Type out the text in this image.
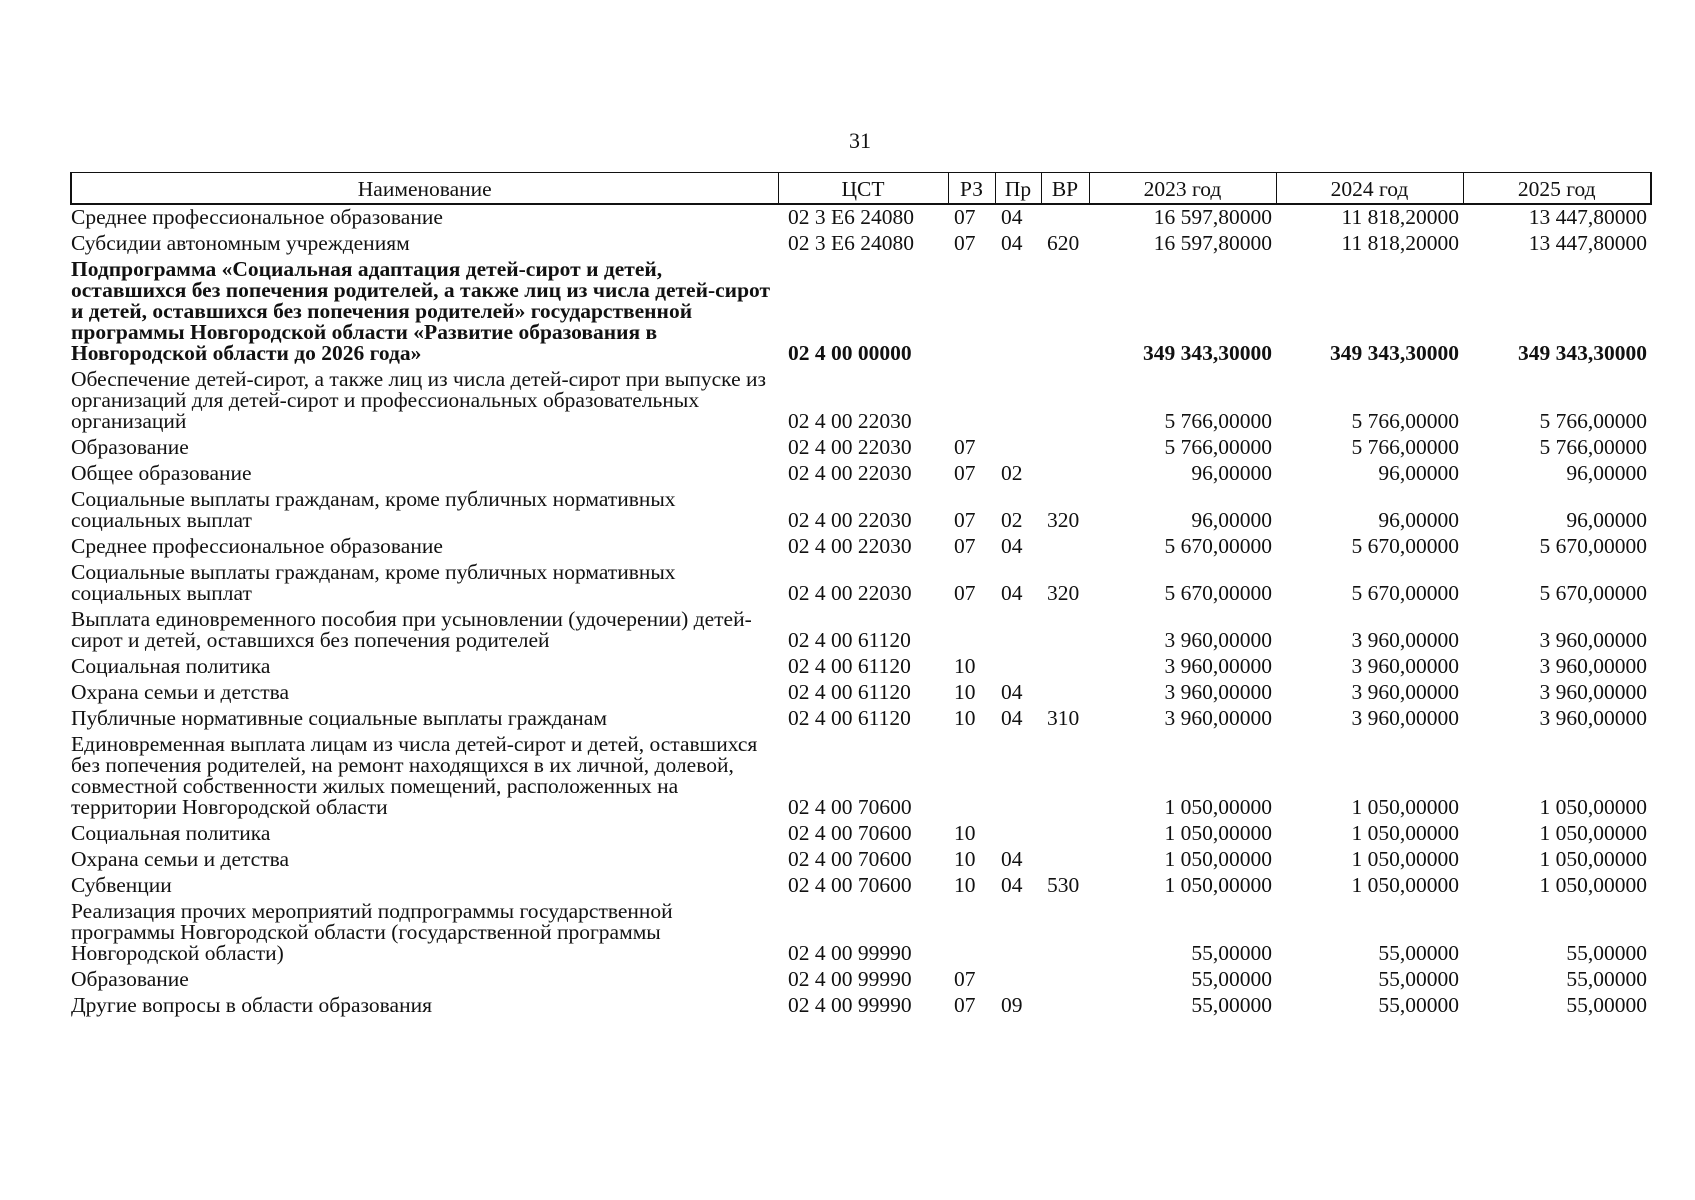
31
Наименование	ЦСТ	РЗ	Пр	ВР	2023 год	2024 год	2025 год
Среднее профессиональное образование	02 3 Е6 24080	07	04		16 597,80000	11 818,20000	13 447,80000
Субсидии автономным учреждениям	02 3 Е6 24080	07	04	620	16 597,80000	11 818,20000	13 447,80000
Подпрограмма «Социальная адаптация детей-сирот и детей, оставшихся без попечения родителей, а также лиц из числа детей-сирот и детей, оставшихся без попечения родителей» государственной программы Новгородской области «Развитие образования в Новгородской области до 2026 года»	02 4 00 00000				349 343,30000	349 343,30000	349 343,30000
Обеспечение детей-сирот, а также лиц из числа детей-сирот при выпуске из организаций для детей-сирот и профессиональных образовательных организаций	02 4 00 22030				5 766,00000	5 766,00000	5 766,00000
Образование	02 4 00 22030	07			5 766,00000	5 766,00000	5 766,00000
Общее образование	02 4 00 22030	07	02		96,00000	96,00000	96,00000
Социальные выплаты гражданам, кроме публичных нормативных социальных выплат	02 4 00 22030	07	02	320	96,00000	96,00000	96,00000
Среднее профессиональное образование	02 4 00 22030	07	04		5 670,00000	5 670,00000	5 670,00000
Социальные выплаты гражданам, кроме публичных нормативных социальных выплат	02 4 00 22030	07	04	320	5 670,00000	5 670,00000	5 670,00000
Выплата единовременного пособия при усыновлении (удочерении) детей-сирот и детей, оставшихся без попечения родителей	02 4 00 61120				3 960,00000	3 960,00000	3 960,00000
Социальная политика	02 4 00 61120	10			3 960,00000	3 960,00000	3 960,00000
Охрана семьи и детства	02 4 00 61120	10	04		3 960,00000	3 960,00000	3 960,00000
Публичные нормативные социальные выплаты гражданам	02 4 00 61120	10	04	310	3 960,00000	3 960,00000	3 960,00000
Единовременная выплата лицам из числа детей-сирот и детей, оставшихся без попечения родителей, на ремонт находящихся в их личной, долевой, совместной собственности жилых помещений, расположенных на территории Новгородской области	02 4 00 70600				1 050,00000	1 050,00000	1 050,00000
Социальная политика	02 4 00 70600	10			1 050,00000	1 050,00000	1 050,00000
Охрана семьи и детства	02 4 00 70600	10	04		1 050,00000	1 050,00000	1 050,00000
Субвенции	02 4 00 70600	10	04	530	1 050,00000	1 050,00000	1 050,00000
Реализация прочих мероприятий подпрограммы государственной программы Новгородской области (государственной программы Новгородской области)	02 4 00 99990				55,00000	55,00000	55,00000
Образование	02 4 00 99990	07			55,00000	55,00000	55,00000
Другие вопросы в области образования	02 4 00 99990	07	09		55,00000	55,00000	55,00000
